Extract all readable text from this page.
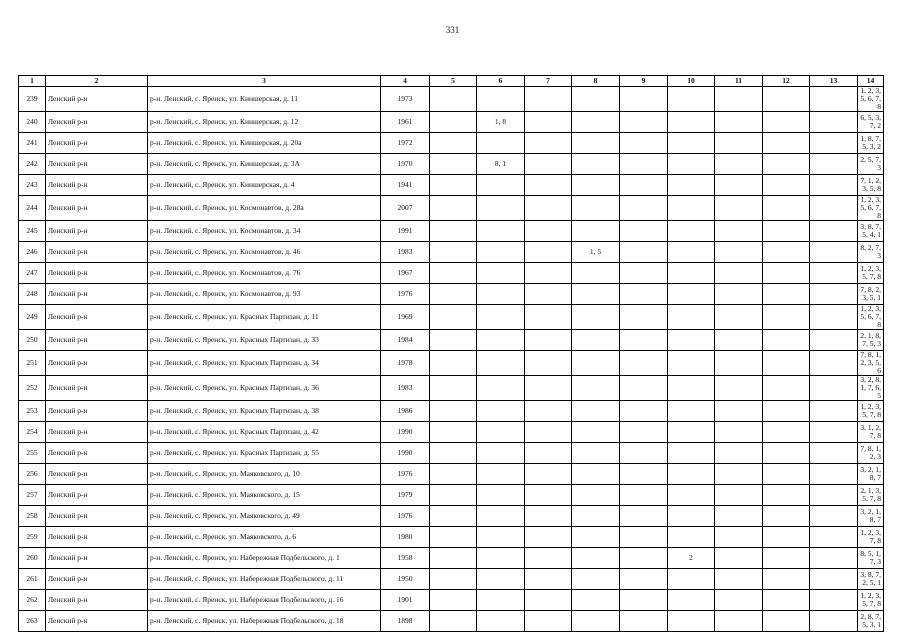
331
1	2	3	4	5	6	7	8	9	10	11	12	13	14
239	Ленский р-н	р-н. Ленский, с. Яренск, ул. Киншерская, д. 11	1973										1, 2, 3, 5, 6, 7, 8
240	Ленский р-н	р-н. Ленский, с. Яренск, ул. Киншерская, д. 12	1961		1, 8								6, 5, 3, 7, 2
241	Ленский р-н	р-н. Ленский, с. Яренск, ул. Киншерская, д. 20а	1972										1, 8, 7, 5, 3, 2
242	Ленский р-н	р-н. Ленский, с. Яренск, ул. Киншерская, д. 3А	1970		8, 1								2, 5, 7, 3
243	Ленский р-н	р-н. Ленский, с. Яренск, ул. Киншерская, д. 4	1941										7, 1, 2, 3, 5, 8
244	Ленский р-н	р-н. Ленский, с. Яренск, ул. Космонавтов, д. 28а	2007										1, 2, 3, 5, 6, 7, 8
245	Ленский р-н	р-н. Ленский, с. Яренск, ул. Космонавтов, д. 34	1991										3, 8, 7, 5, 4, 1
246	Ленский р-н	р-н. Ленский, с. Яренск, ул. Космонавтов, д. 46	1983				1, 5						8, 2, 7, 3
247	Ленский р-н	р-н. Ленский, с. Яренск, ул. Космонавтов, д. 76	1967										1, 2, 3, 5, 7, 8
248	Ленский р-н	р-н. Ленский, с. Яренск, ул. Космонавтов, д. 93	1976										7, 8, 2, 3, 5, 1
249	Ленский р-н	р-н. Ленский, с. Яренск, ул. Красных Партизан, д. 11	1969										1, 2, 3, 5, 6, 7, 8
250	Ленский р-н	р-н. Ленский, с. Яренск, ул. Красных Партизан, д. 33	1984										2, 1, 8, 7, 5, 3
251	Ленский р-н	р-н. Ленский, с. Яренск, ул. Красных Партизан, д. 34	1978										7, 8, 1, 2, 3, 5, 6
252	Ленский р-н	р-н. Ленский, с. Яренск, ул. Красных Партизан, д. 36	1983										3, 2, 8, 1, 7, 6, 5
253	Ленский р-н	р-н. Ленский, с. Яренск, ул. Красных Партизан, д. 38	1986										1, 2, 3, 5, 7, 8
254	Ленский р-н	р-н. Ленский, с. Яренск, ул. Красных Партизан, д. 42	1990										3, 1, 2, 7, 8
255	Ленский р-н	р-н. Ленский, с. Яренск, ул. Красных Партизан, д. 55	1990										7, 8, 1, 2, 3
256	Ленский р-н	р-н. Ленский, с. Яренск, ул. Маяковского, д. 10	1976										3, 2, 1, 8, 7
257	Ленский р-н	р-н. Ленский, с. Яренск, ул. Маяковского, д. 15	1979										2, 1, 3, 5, 7, 8
258	Ленский р-н	р-н. Ленский, с. Яренск, ул. Маяковского, д. 49	1976										3, 2, 1, 8, 7
259	Ленский р-н	р-н. Ленский, с. Яренск, ул. Маяковского, д. 6	1980										1, 2, 3, 7, 8
260	Ленский р-н	р-н. Ленский, с. Яренск, ул. Набережная Подбельского, д. 1	1958						2				8, 5, 1, 7, 3
261	Ленский р-н	р-н. Ленский, с. Яренск, ул. Набережная Подбельского, д. 11	1950										3, 8, 7, 2, 5, 1
262	Ленский р-н	р-н. Ленский, с. Яренск, ул. Набережная Подбельского, д. 16	1901										1, 2, 3, 5, 7, 8
263	Ленский р-н	р-н. Ленский, с. Яренск, ул. Набережная Подбельского, д. 18	1898										2, 8, 7, 5, 3, 1
